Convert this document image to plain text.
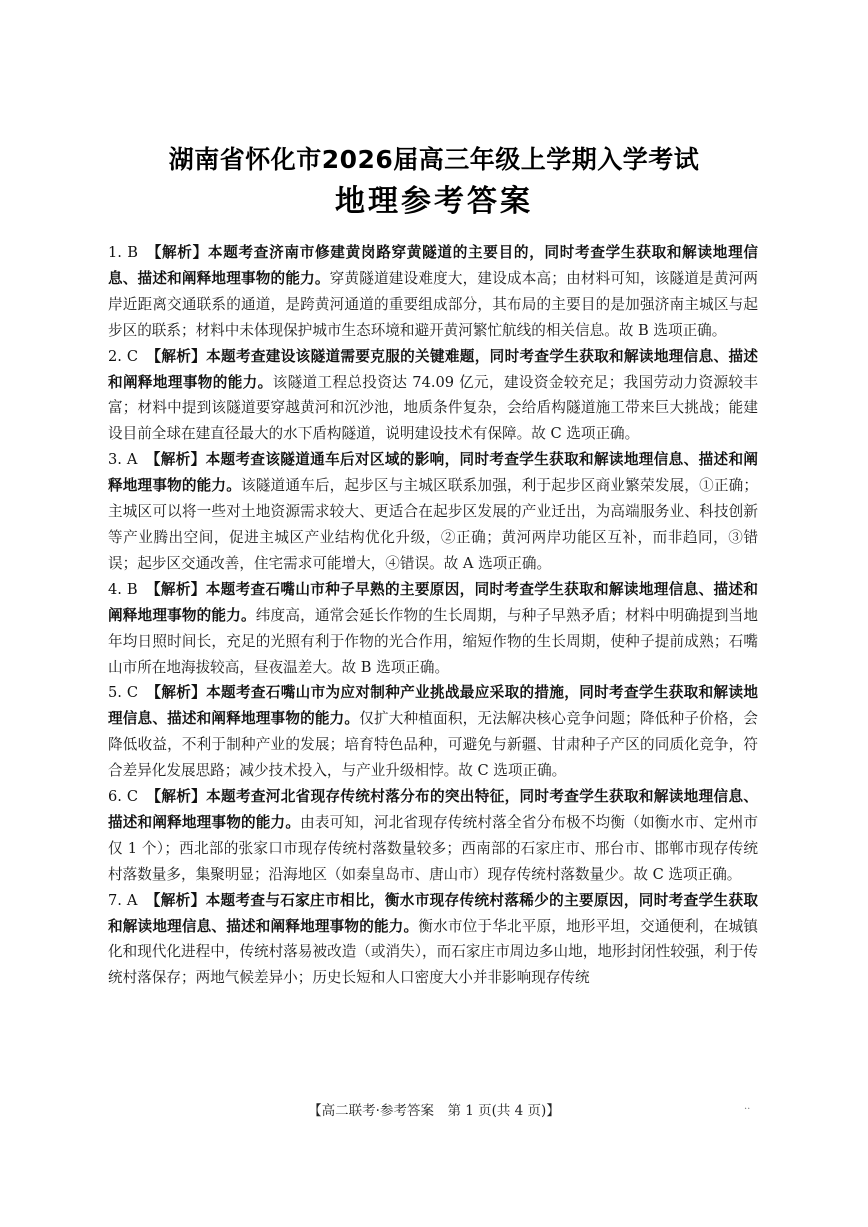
湖南省怀化市2026届高三年级上学期入学考试
地理参考答案
1. B 【解析】本题考查济南市修建黄岗路穿黄隧道的主要目的，同时考查学生获取和解读地理信息、描述和阐释地理事物的能力。穿黄隧道建设难度大，建设成本高；由材料可知，该隧道是黄河两岸近距离交通联系的通道，是跨黄河通道的重要组成部分，其布局的主要目的是加强济南主城区与起步区的联系；材料中未体现保护城市生态环境和避开黄河繁忙航线的相关信息。故 B 选项正确。
2. C 【解析】本题考查建设该隧道需要克服的关键难题，同时考查学生获取和解读地理信息、描述和阐释地理事物的能力。该隧道工程总投资达 74.09 亿元，建设资金较充足；我国劳动力资源较丰富；材料中提到该隧道要穿越黄河和沉沙池，地质条件复杂，会给盾构隧道施工带来巨大挑战；能建设目前全球在建直径最大的水下盾构隧道，说明建设技术有保障。故 C 选项正确。
3. A 【解析】本题考查该隧道通车后对区域的影响，同时考查学生获取和解读地理信息、描述和阐释地理事物的能力。该隧道通车后，起步区与主城区联系加强，利于起步区商业繁荣发展，①正确；主城区可以将一些对土地资源需求较大、更适合在起步区发展的产业迁出，为高端服务业、科技创新等产业腾出空间，促进主城区产业结构优化升级，②正确；黄河两岸功能区互补，而非趋同，③错误；起步区交通改善，住宅需求可能增大，④错误。故 A 选项正确。
4. B 【解析】本题考查石嘴山市种子早熟的主要原因，同时考查学生获取和解读地理信息、描述和阐释地理事物的能力。纬度高，通常会延长作物的生长周期，与种子早熟矛盾；材料中明确提到当地年均日照时间长，充足的光照有利于作物的光合作用，缩短作物的生长周期，使种子提前成熟；石嘴山市所在地海拔较高，昼夜温差大。故 B 选项正确。
5. C 【解析】本题考查石嘴山市为应对制种产业挑战最应采取的措施，同时考查学生获取和解读地理信息、描述和阐释地理事物的能力。仅扩大种植面积，无法解决核心竞争问题；降低种子价格，会降低收益，不利于制种产业的发展；培育特色品种，可避免与新疆、甘肃种子产区的同质化竞争，符合差异化发展思路；减少技术投入，与产业升级相悖。故 C 选项正确。
6. C 【解析】本题考查河北省现存传统村落分布的突出特征，同时考查学生获取和解读地理信息、描述和阐释地理事物的能力。由表可知，河北省现存传统村落全省分布极不均衡（如衡水市、定州市仅 1 个）；西北部的张家口市现存传统村落数量较多；西南部的石家庄市、邢台市、邯郸市现存传统村落数量多，集聚明显；沿海地区（如秦皇岛市、唐山市）现存传统村落数量少。故 C 选项正确。
7. A 【解析】本题考查与石家庄市相比，衡水市现存传统村落稀少的主要原因，同时考查学生获取和解读地理信息、描述和阐释地理事物的能力。衡水市位于华北平原，地形平坦，交通便利，在城镇化和现代化进程中，传统村落易被改造（或消失），而石家庄市周边多山地，地形封闭性较强，利于传统村落保存；两地气候差异小；历史长短和人口密度大小并非影响现存传统
【高二联考·参考答案　第 1 页(共 4 页)】	..
